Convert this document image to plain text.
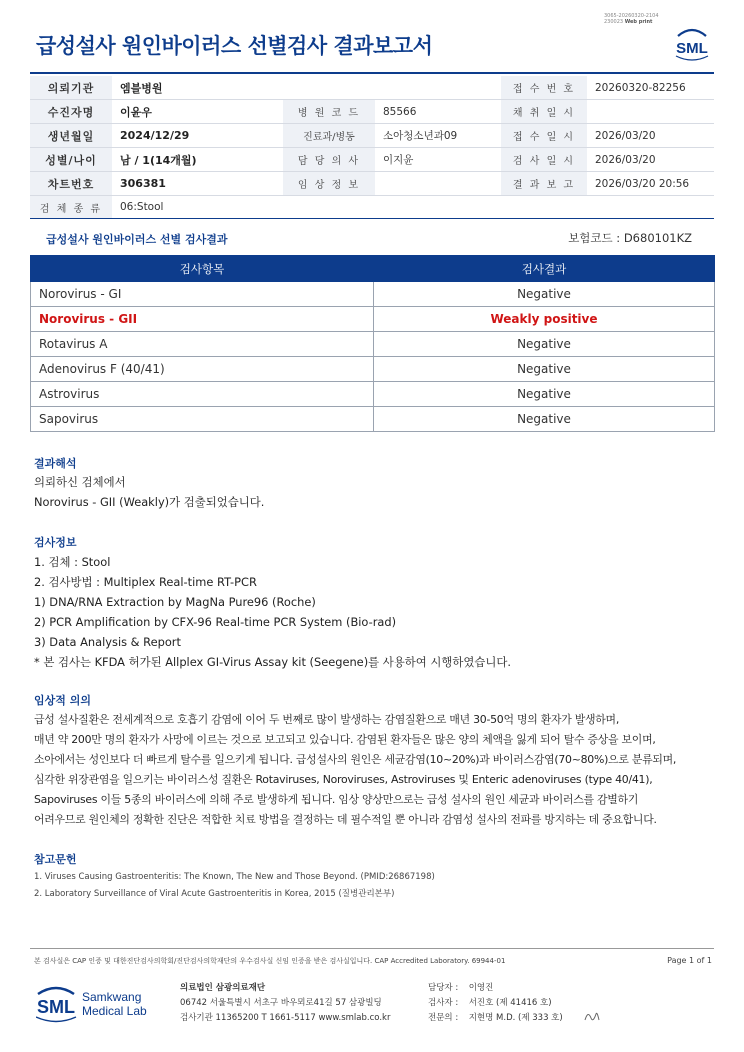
급성설사 원인바이러스 선별검사 결과보고서
3065-20260320-2104
230023 Web print
SML
의뢰기관	엠블병원			접 수 번 호	20260320-82256
수진자명	이윤우	병 원 코 드	85566	채 취 일 시	
생년월일	2024/12/29	진료과/병동	소아청소년과09	접 수 일 시	2026/03/20
성별/나이	남 / 1(14개월)	담 당 의 사	이지윤	검 사 일 시	2026/03/20
차트번호	306381	임 상 정 보		결 과 보 고	2026/03/20 20:56
검 체 종 류	06:Stool				
급성설사 원인바이러스 선별 검사결과	보험코드 : D680101KZ
검사항목	검사결과
Norovirus - GI	Negative
Norovirus - GII	Weakly positive
Rotavirus A	Negative
Adenovirus F (40/41)	Negative
Astrovirus	Negative
Sapovirus	Negative
결과해석
의뢰하신 검체에서
Norovirus - GII (Weakly)가 검출되었습니다.
검사정보
1. 검체 : Stool
2. 검사방법 : Multiplex Real-time RT-PCR
1) DNA/RNA Extraction by MagNa Pure96 (Roche)
2) PCR Amplification by CFX-96 Real-time PCR System (Bio-rad)
3) Data Analysis & Report
* 본 검사는 KFDA 허가된 Allplex GI-Virus Assay kit (Seegene)를 사용하여 시행하였습니다.
임상적 의의
급성 설사질환은 전세계적으로 호흡기 감염에 이어 두 번째로 많이 발생하는 감염질환으로 매년 30-50억 명의 환자가 발생하며,
매년 약 200만 명의 환자가 사망에 이르는 것으로 보고되고 있습니다. 감염된 환자들은 많은 양의 체액을 잃게 되어 탈수 증상을 보이며,
소아에서는 성인보다 더 빠르게 탈수를 일으키게 됩니다. 급성설사의 원인은 세균감염(10~20%)과 바이러스감염(70~80%)으로 분류되며,
심각한 위장관염을 일으키는 바이러스성 질환은 Rotaviruses, Noroviruses, Astroviruses 및 Enteric adenoviruses (type 40/41),
Sapoviruses 이들 5종의 바이러스에 의해 주로 발생하게 됩니다. 임상 양상만으로는 급성 설사의 원인 세균과 바이러스를 감별하기
어려우므로 원인체의 정확한 진단은 적합한 치료 방법을 결정하는 데 필수적일 뿐 아니라 감염성 설사의 전파를 방지하는 데 중요합니다.
참고문헌
1. Viruses Causing Gastroenteritis: The Known, The New and Those Beyond. (PMID:26867198)
2. Laboratory Surveillance of Viral Acute Gastroenteritis in Korea, 2015 (질병관리본부)
본 검사실은 CAP 인증 및 대한진단검사의학회/진단검사의학재단의 우수검사실 신임 인증을 받은 검사실입니다. CAP Accredited Laboratory. 69944-01	Page 1 of 1
SML Samkwang
Medical Lab
의료법인 삼광의료재단
06742 서울특별시 서초구 바우뫼로41길 57 삼광빌딩
검사기관 11365200 T 1661-5117 www.smlab.co.kr
담당자 : 이영진
검사자 : 서진호 (제 41416 호)
전문의 : 지현명 M.D. (제 333 호)
